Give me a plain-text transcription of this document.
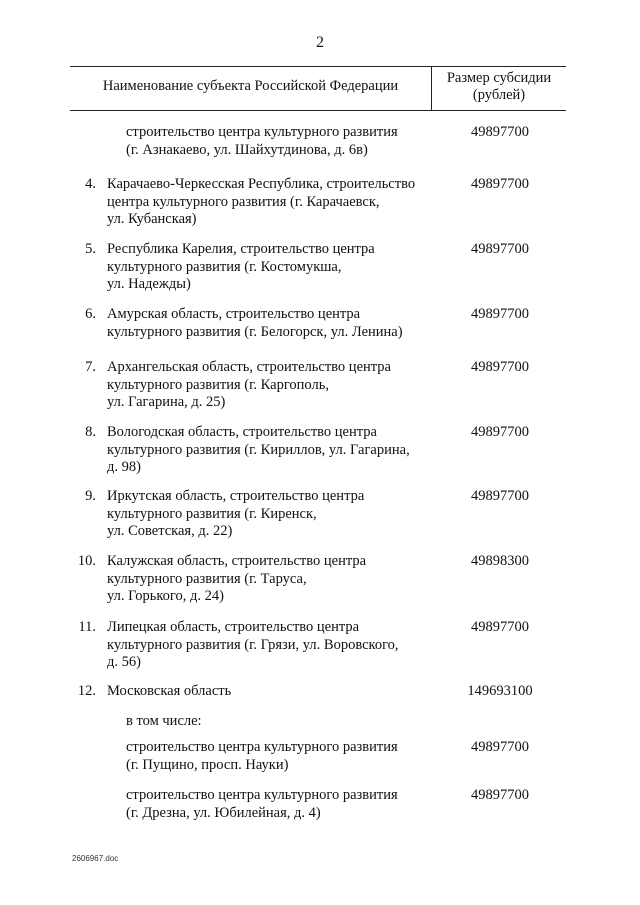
2
Наименование субъекта Российской Федерации	Размер субсидии
(рублей)
строительство центра культурного развития
(г. Азнакаево, ул. Шайхутдинова, д. 6в)
49897700
4. Карачаево-Черкесская Республика, строительство
центра культурного развития (г. Карачаевск,
ул. Кубанская)
49897700
5. Республика Карелия, строительство центра
культурного развития (г. Костомукша,
ул. Надежды)
49897700
6. Амурская область, строительство центра
культурного развития (г. Белогорск, ул. Ленина)
49897700
7. Архангельская область, строительство центра
культурного развития (г. Каргополь,
ул. Гагарина, д. 25)
49897700
8. Вологодская область, строительство центра
культурного развития (г. Кириллов, ул. Гагарина,
д. 98)
49897700
9. Иркутская область, строительство центра
культурного развития (г. Киренск,
ул. Советская, д. 22)
49897700
10. Калужская область, строительство центра
культурного развития (г. Таруса,
ул. Горького, д. 24)
49898300
11. Липецкая область, строительство центра
культурного развития (г. Грязи, ул. Воровского,
д. 56)
49897700
12. Московская область	149693100
в том числе:
строительство центра культурного развития
(г. Пущино, просп. Науки)
49897700
строительство центра культурного развития
(г. Дрезна, ул. Юбилейная, д. 4)
49897700
2606967.doc
